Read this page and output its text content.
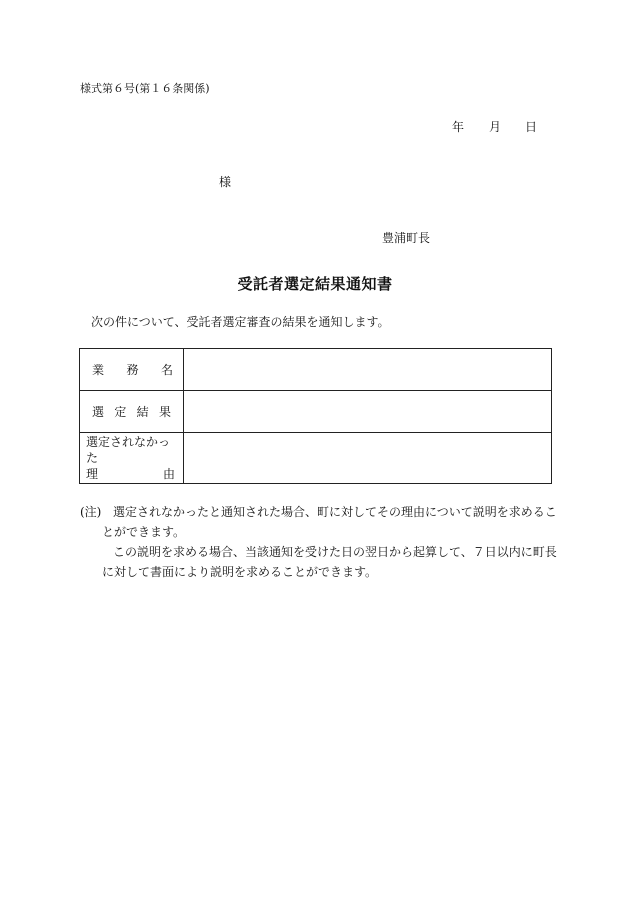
様式第６号(第１６条関係)
年	月	日
様
豊浦町長
受託者選定結果通知書
次の件について、受託者選定審査の結果を通知します。
業 務 名	

選 定 結 果	

選定されなかった
理 由	

(注) 選定されなかったと通知された場合、町に対してその理由について説明を求めるこ
とができます。
この説明を求める場合、当該通知を受けた日の翌日から起算して、７日以内に町長
に対して書面により説明を求めることができます。
